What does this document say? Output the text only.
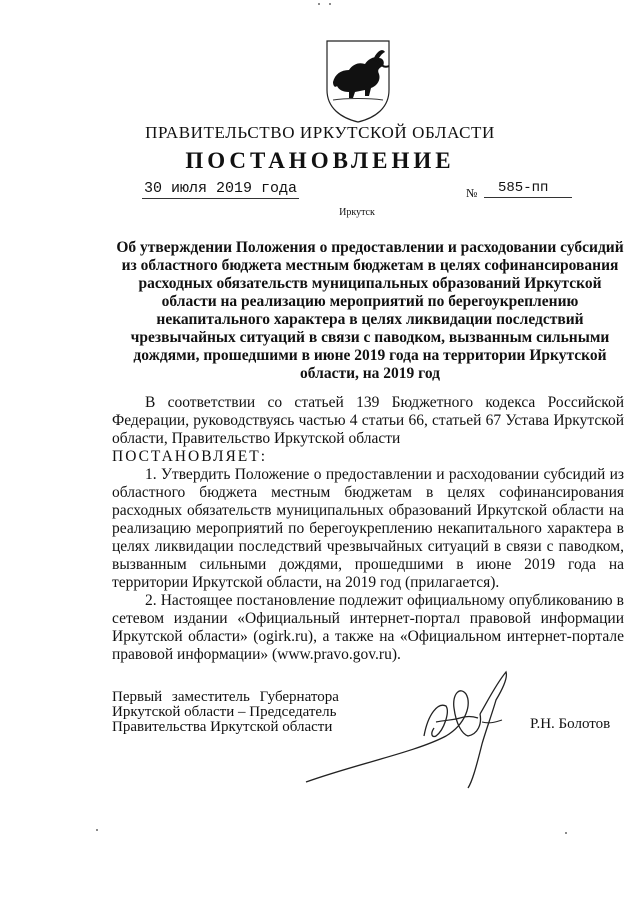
ПРАВИТЕЛЬСТВО ИРКУТСКОЙ ОБЛАСТИ
ПОСТАНОВЛЕНИЕ
30 июля 2019 года	№	585-пп
Иркутск
Об утверждении Положения о предоставлении и расходовании субсидий из областного бюджета местным бюджетам в целях софинансирования расходных обязательств муниципальных образований Иркутской области на реализацию мероприятий по берегоукреплению некапитального характера в целях ликвидации последствий чрезвычайных ситуаций в связи с паводком, вызванным сильными дождями, прошедшими в июне 2019 года на территории Иркутской области, на 2019 год

В соответствии со статьей 139 Бюджетного кодекса Российской Федерации, руководствуясь частью 4 статьи 66, статьей 67 Устава Иркутской области, Правительство Иркутской области

ПОСТАНОВЛЯЕТ:

1. Утвердить Положение о предоставлении и расходовании субсидий из областного бюджета местным бюджетам в целях софинансирования расходных обязательств муниципальных образований Иркутской области на реализацию мероприятий по берегоукреплению некапитального характера в целях ликвидации последствий чрезвычайных ситуаций в связи с паводком, вызванным сильными дождями, прошедшими в июне 2019 года на территории Иркутской области, на 2019 год (прилагается).

2. Настоящее постановление подлежит официальному опубликованию в сетевом издании «Официальный интернет-портал правовой информации Иркутской области» (ogirk.ru), а также на «Официальном интернет-портале правовой информации» (www.pravo.gov.ru).

Первый заместитель Губернатора
Иркутской области – Председатель
Правительства Иркутской области	Р.Н. Болотов
